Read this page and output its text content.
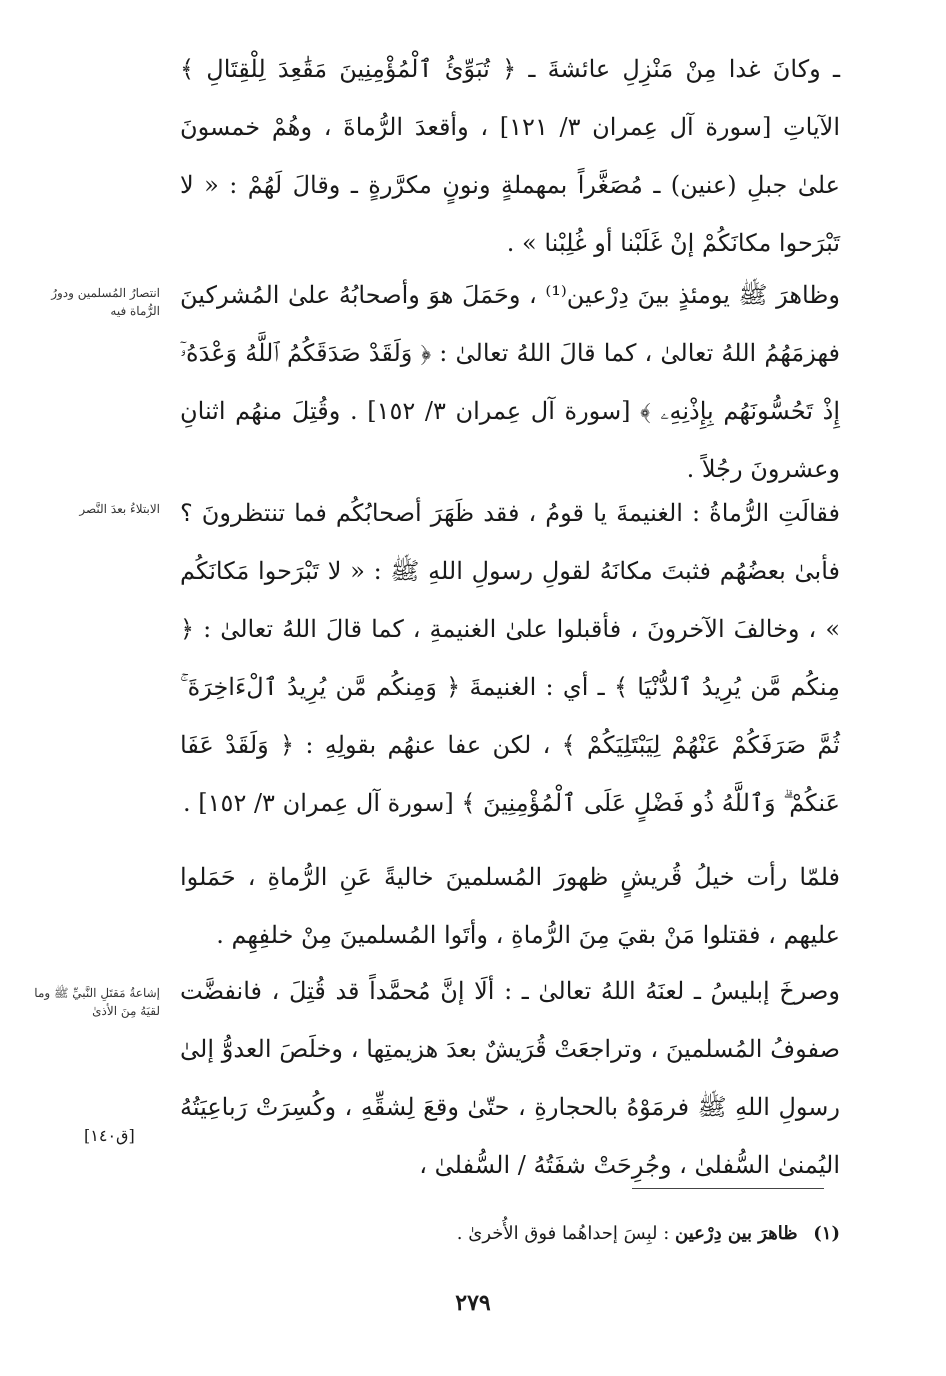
ـ وكانَ غدا مِنْ مَنْزِلِ عائشةَ ـ ﴿ تُبَوِّئُ ٱلْمُؤْمِنِينَ مَقَٰعِدَ لِلْقِتَالِ ﴾ الآياتِ [سورة آل عِمران ٣/ ١٢١] ، وأقعدَ الرُّماةَ ، وهُمْ خمسونَ علىٰ جبلِ (عنين) ـ مُصَغَّراً بمهملةٍ ونونٍ مكرَّرةٍ ـ وقالَ لَهُمْ : « لا تَبْرَحوا مكانَكُمْ إنْ غَلَبْنا أو غُلِبْنا » .

وظاهرَ ﷺ يومئذٍ بينَ دِرْعين⁽¹⁾ ، وحَمَلَ هوَ وأصحابُهُ علىٰ المُشركينَ فهزمَهُمُ اللهُ تعالىٰ ، كما قالَ اللهُ تعالىٰ : ﴿ وَلَقَدْ صَدَقَكُمُ ٱللَّهُ وَعْدَهُۥٓ إِذْ تَحُسُّونَهُم بِإِذْنِهِۦ ﴾ [سورة آل عِمران ٣/ ١٥٢] . وقُتِلَ منهُم اثنانِ وعشرونَ رجُلاً .

فقالَتِ الرُّماةُ : الغنيمةَ يا قومُ ، فقد ظَهَرَ أصحابُكُم فما تنتظرونَ ؟ فأبىٰ بعضُهُم فثبتَ مكانَهُ لقولِ رسولِ اللهِ ﷺ : « لا تَبْرَحوا مَكانَكُم » ، وخالفَ الآخرونَ ، فأقبلوا علىٰ الغنيمةِ ، كما قالَ اللهُ تعالىٰ : ﴿ مِنكُم مَّن يُرِيدُ ٱلدُّنْيَا ﴾ ـ أي : الغنيمةَ ﴿ وَمِنكُم مَّن يُرِيدُ ٱلْءَاخِرَةَ ۚ ثُمَّ صَرَفَكُمْ عَنْهُمْ لِيَبْتَلِيَكُمْ ﴾ ، لكن عفا عنهُم بقولِهِ : ﴿ وَلَقَدْ عَفَا عَنكُمْ ۗ وَٱللَّهُ ذُو فَضْلٍ عَلَى ٱلْمُؤْمِنِينَ ﴾ [سورة آل عِمران ٣/ ١٥٢] .

فلمّا رأت خيلُ قُريشٍ ظهورَ المُسلمينَ خاليةً عَنِ الرُّماةِ ، حَمَلوا عليهم ، فقتلوا مَنْ بقيَ مِنَ الرُّماةِ ، وأتَوا المُسلمينَ مِنْ خلفِهِم .

وصرخَ إبليسُ ـ لعنَهُ اللهُ تعالىٰ ـ : ألَا إنَّ مُحمَّداً قد قُتِلَ ، فانفضَّت صفوفُ المُسلمينَ ، وتراجعَتْ قُرَيشٌ بعدَ هزيمتِها ، وخلَصَ العدوُّ إلىٰ رسولِ اللهِ ﷺ فرمَوْهُ بالحجارةِ ، حتّىٰ وقعَ لِشقِّهِ ، وكُسِرَتْ رَباعِيَتُهُ اليُمنىٰ السُّفلىٰ ، وجُرِحَتْ شفَتُهُ / السُّفلىٰ ،

انتصارُ المُسلمين ودورُ الرُّماة فيه
الابتلاءُ بعدَ النَّصر
إشاعةُ مَقتَلِ النَّبيِّ ﷺ وما لقيَهُ مِنَ الأذىٰ
[ق١٤٠]
(١) ظاهرَ بين دِرْعين : لبِسَ إحداهُما فوق الأُخرىٰ .
٢٧٩
